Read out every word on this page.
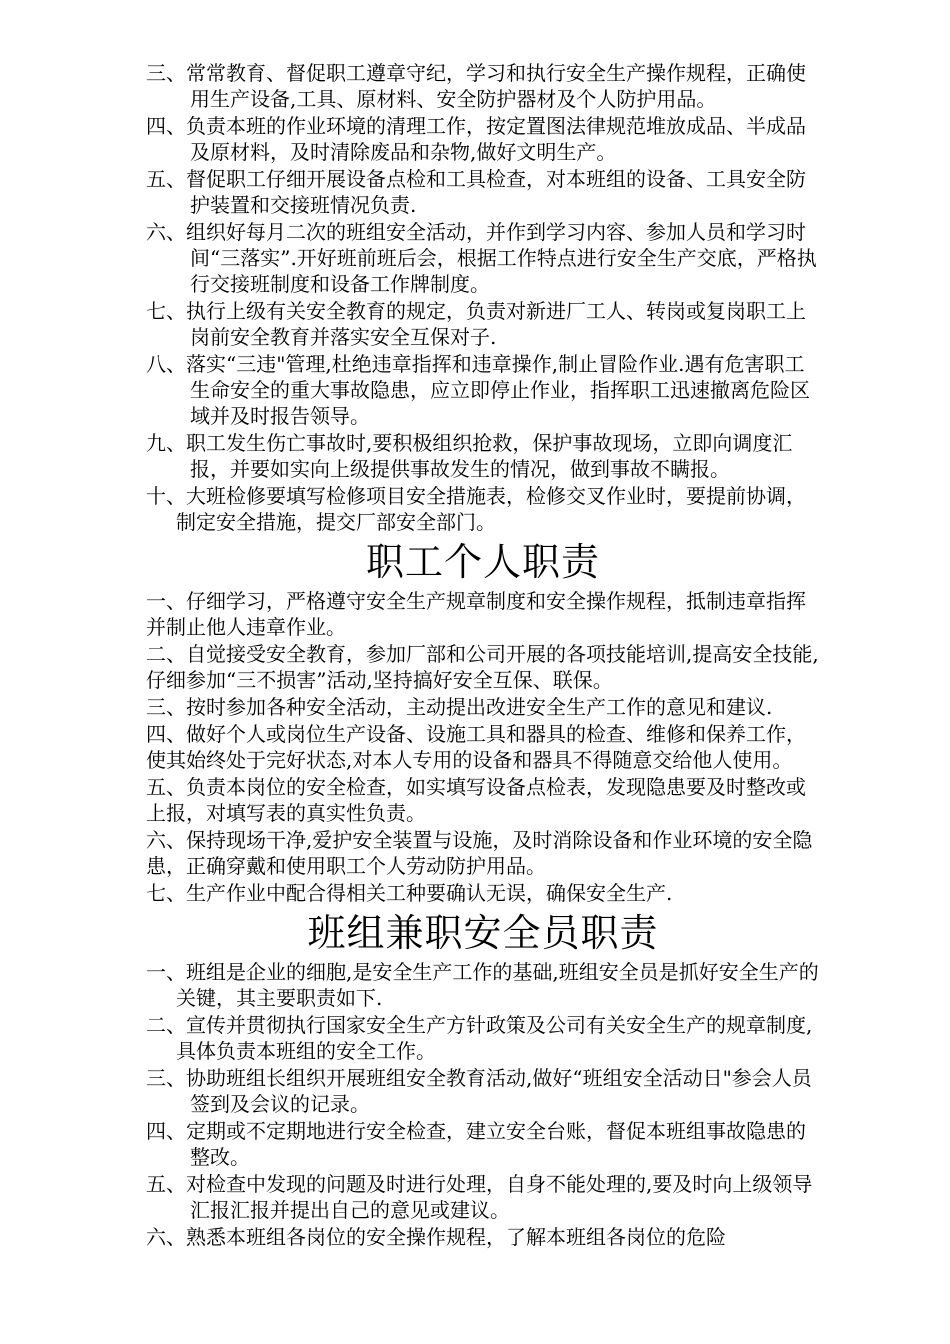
三、常常教育、督促职工遵章守纪，学习和执行安全生产操作规程，正确使用生产设备,工具、原材料、安全防护器材及个人防护用品。

四、负责本班的作业环境的清理工作，按定置图法律规范堆放成品、半成品及原材料，及时清除废品和杂物,做好文明生产。

五、督促职工仔细开展设备点检和工具检查，对本班组的设备、工具安全防护装置和交接班情况负责.

六、组织好每月二次的班组安全活动，并作到学习内容、参加人员和学习时间“三落实”.开好班前班后会，根据工作特点进行安全生产交底，严格执行交接班制度和设备工作牌制度。

七、执行上级有关安全教育的规定，负责对新进厂工人、转岗或复岗职工上岗前安全教育并落实安全互保对子.

八、落实“三违"管理,杜绝违章指挥和违章操作,制止冒险作业.遇有危害职工生命安全的重大事故隐患，应立即停止作业，指挥职工迅速撤离危险区域并及时报告领导。

九、职工发生伤亡事故时,要积极组织抢救，保护事故现场，立即向调度汇报，并要如实向上级提供事故发生的情况，做到事故不瞒报。

十、大班检修要填写检修项目安全措施表，检修交叉作业时，要提前协调，制定安全措施，提交厂部安全部门。

职工个人职责

一、仔细学习，严格遵守安全生产规章制度和安全操作规程，抵制违章指挥并制止他人违章作业。

二、自觉接受安全教育，参加厂部和公司开展的各项技能培训,提高安全技能,仔细参加“三不损害”活动,坚持搞好安全互保、联保。

三、按时参加各种安全活动，主动提出改进安全生产工作的意见和建议.

四、做好个人或岗位生产设备、设施工具和器具的检查、维修和保养工作，使其始终处于完好状态,对本人专用的设备和器具不得随意交给他人使用。

五、负责本岗位的安全检查，如实填写设备点检表，发现隐患要及时整改或上报，对填写表的真实性负责。

六、保持现场干净,爱护安全装置与设施，及时消除设备和作业环境的安全隐患，正确穿戴和使用职工个人劳动防护用品。

七、生产作业中配合得相关工种要确认无误，确保安全生产.

班组兼职安全员职责

一、班组是企业的细胞,是安全生产工作的基础,班组安全员是抓好安全生产的关键，其主要职责如下.

二、宣传并贯彻执行国家安全生产方针政策及公司有关安全生产的规章制度,具体负责本班组的安全工作。

三、协助班组长组织开展班组安全教育活动,做好“班组安全活动日"参会人员签到及会议的记录。

四、定期或不定期地进行安全检查，建立安全台账，督促本班组事故隐患的整改。

五、对检查中发现的问题及时进行处理，自身不能处理的,要及时向上级领导汇报汇报并提出自己的意见或建议。

六、熟悉本班组各岗位的安全操作规程，了解本班组各岗位的危险
